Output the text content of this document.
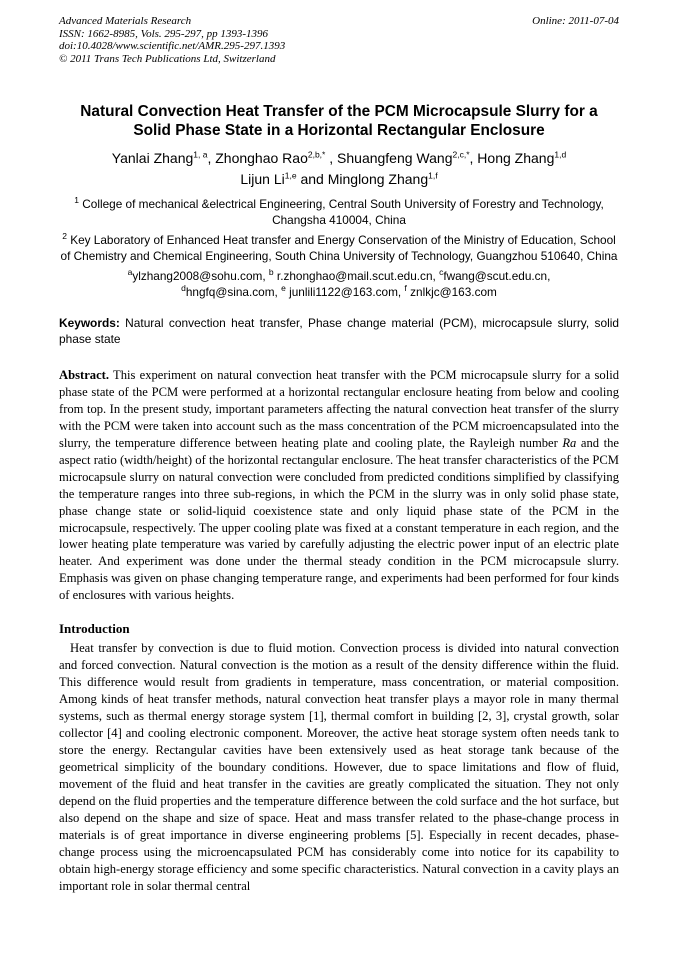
Advanced Materials Research
ISSN: 1662-8985, Vols. 295-297, pp 1393-1396
doi:10.4028/www.scientific.net/AMR.295-297.1393
© 2011 Trans Tech Publications Ltd, Switzerland
Online: 2011-07-04
Natural Convection Heat Transfer of the PCM Microcapsule Slurry for a
Solid Phase State in a Horizontal Rectangular Enclosure
Yanlai Zhang$^{1, a}$, Zhonghao Rao$^{2,b,*}$ , Shuangfeng Wang$^{2,c,*}$, Hong Zhang$^{1,d}$
Lijun Li$^{1,e}$ and Minglong Zhang$^{1,f}$
$^1$ College of mechanical &electrical Engineering, Central South University of Forestry and Technology, Changsha 410004, China
$^2$ Key Laboratory of Enhanced Heat transfer and Energy Conservation of the Ministry of Education, School of Chemistry and Chemical Engineering, South China University of Technology, Guangzhou 510640, China
$^a$ylzhang2008@sohu.com, $^b$ r.zhonghao@mail.scut.edu.cn, $^c$fwang@scut.edu.cn,
$^d$hngfq@sina.com, $^e$ junlili1122@163.com, $^f$ znlkjc@163.com

Keywords: Natural convection heat transfer, Phase change material (PCM), microcapsule slurry, solid phase state

Abstract. This experiment on natural convection heat transfer with the PCM microcapsule slurry for a solid phase state of the PCM were performed at a horizontal rectangular enclosure heating from below and cooling from top. In the present study, important parameters affecting the natural convection heat transfer of the slurry with the PCM were taken into account such as the mass concentration of the PCM microencapsulated into the slurry, the temperature difference between heating plate and cooling plate, the Rayleigh number Ra and the aspect ratio (width/height) of the horizontal rectangular enclosure. The heat transfer characteristics of the PCM microcapsule slurry on natural convection were concluded from predicted conditions simplified by classifying the temperature ranges into three sub-regions, in which the PCM in the slurry was in only solid phase state, phase change state or solid-liquid coexistence state and only liquid phase state of the PCM in the microcapsule, respectively. The upper cooling plate was fixed at a constant temperature in each region, and the lower heating plate temperature was varied by carefully adjusting the electric power input of an electric plate heater. And experiment was done under the thermal steady condition in the PCM microcapsule slurry. Emphasis was given on phase changing temperature range, and experiments had been performed for four kinds of enclosures with various heights.

Introduction

Heat transfer by convection is due to fluid motion. Convection process is divided into natural convection and forced convection. Natural convection is the motion as a result of the density difference within the fluid. This difference would result from gradients in temperature, mass concentration, or material composition. Among kinds of heat transfer methods, natural convection heat transfer plays a mayor role in many thermal systems, such as thermal energy storage system [1], thermal comfort in building [2, 3], crystal growth, solar collector [4] and cooling electronic component. Moreover, the active heat storage system often needs tank to store the energy. Rectangular cavities have been extensively used as heat storage tank because of the geometrical simplicity of the boundary conditions. However, due to space limitations and flow of fluid, movement of the fluid and heat transfer in the cavities are greatly complicated the situation. They not only depend on the fluid properties and the temperature difference between the cold surface and the hot surface, but also depend on the shape and size of space. Heat and mass transfer related to the phase-change process in materials is of great importance in diverse engineering problems [5]. Especially in recent decades, phase-change process using the microencapsulated PCM has considerably come into notice for its capability to obtain high-energy storage efficiency and some specific characteristics. Natural convection in a cavity plays an important role in solar thermal central
